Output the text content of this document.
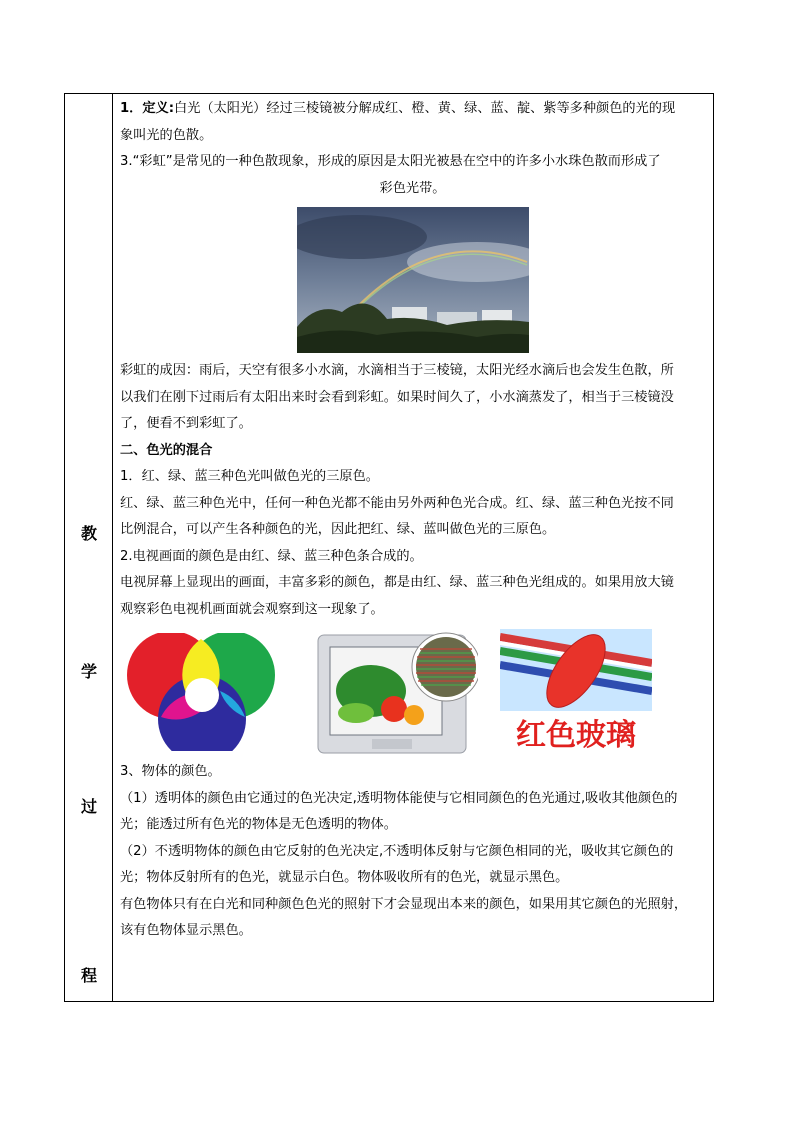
教
学
过
程

1．定义:白光（太阳光）经过三棱镜被分解成红、橙、黄、绿、蓝、靛、紫等多种颜色的光的现

象叫光的色散。

3.“彩虹”是常见的一种色散现象，形成的原因是太阳光被悬在空中的许多小水珠色散而形成了

彩色光带。

彩虹的成因：雨后，天空有很多小水滴，水滴相当于三棱镜，太阳光经水滴后也会发生色散，所

以我们在刚下过雨后有太阳出来时会看到彩虹。如果时间久了，小水滴蒸发了，相当于三棱镜没

了，便看不到彩虹了。

二、色光的混合

1．红、绿、蓝三种色光叫做色光的三原色。

红、绿、蓝三种色光中，任何一种色光都不能由另外两种色光合成。红、绿、蓝三种色光按不同

比例混合，可以产生各种颜色的光，因此把红、绿、蓝叫做色光的三原色。

2.电视画面的颜色是由红、绿、蓝三种色条合成的。

电视屏幕上显现出的画面，丰富多彩的颜色，都是由红、绿、蓝三种色光组成的。如果用放大镜

观察彩色电视机画面就会观察到这一现象了。

红色玻璃

3、物体的颜色。

（1）透明体的颜色由它通过的色光决定,透明物体能使与它相同颜色的色光通过,吸收其他颜色的

光；能透过所有色光的物体是无色透明的物体。

（2）不透明物体的颜色由它反射的色光决定,不透明体反射与它颜色相同的光，吸收其它颜色的

光；物体反射所有的色光，就显示白色。物体吸收所有的色光，就显示黑色。

有色物体只有在白光和同种颜色色光的照射下才会显现出本来的颜色，如果用其它颜色的光照射，

该有色物体显示黑色。
